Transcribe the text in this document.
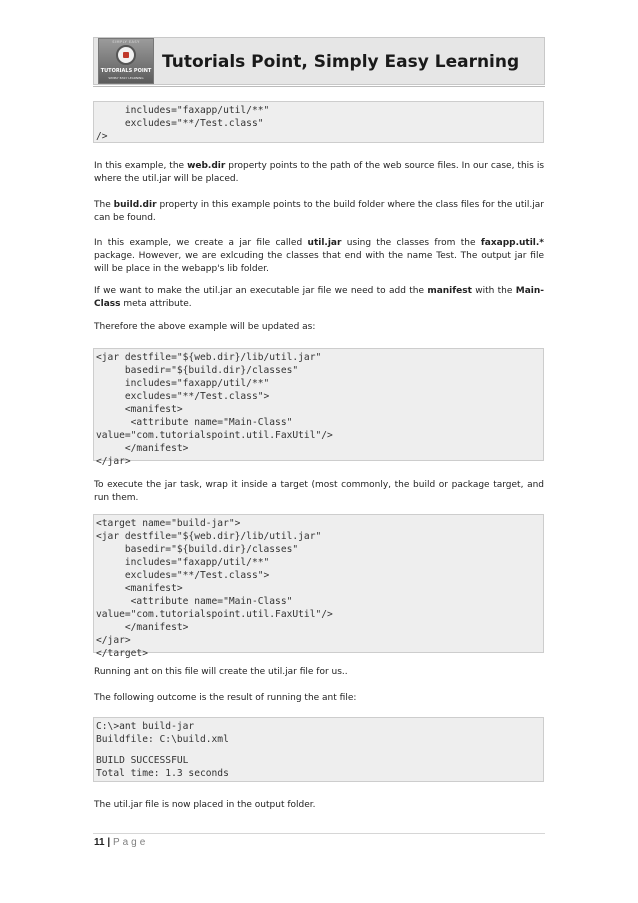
SIMPLY EASY
TUTORIALS POINT
SIMPLY EASY LEARNING
Tutorials Point, Simply Easy Learning
includes="faxapp/util/**"
excludes="**/Test.class"
/>
In this example, the web.dir property points to the path of the web source files. In our case, this is where the util.jar will be placed.
The build.dir property in this example points to the build folder where the class files for the util.jar can be found.
In this example, we create a jar file called util.jar using the classes from the faxapp.util.* package. However, we are exlcuding the classes that end with the name Test. The output jar file will be place in the webapp's lib folder.
If we want to make the util.jar an executable jar file we need to add the manifest with the Main-Class meta attribute.
Therefore the above example will be updated as:
<jar destfile="${web.dir}/lib/util.jar"
basedir="${build.dir}/classes"
includes="faxapp/util/**"
excludes="**/Test.class">
<manifest>
<attribute name="Main-Class"
value="com.tutorialspoint.util.FaxUtil"/>
</manifest>
</jar>
To execute the jar task, wrap it inside a target (most commonly, the build or package target, and run them.
<target name="build-jar">
<jar destfile="${web.dir}/lib/util.jar"
basedir="${build.dir}/classes"
includes="faxapp/util/**"
excludes="**/Test.class">
<manifest>
<attribute name="Main-Class"
value="com.tutorialspoint.util.FaxUtil"/>
</manifest>
</jar>
</target>
Running ant on this file will create the util.jar file for us..
The following outcome is the result of running the ant file:
C:\>ant build-jar
Buildfile: C:\build.xml
BUILD SUCCESSFUL
Total time: 1.3 seconds
The util.jar file is now placed in the output folder.
11 | Page
